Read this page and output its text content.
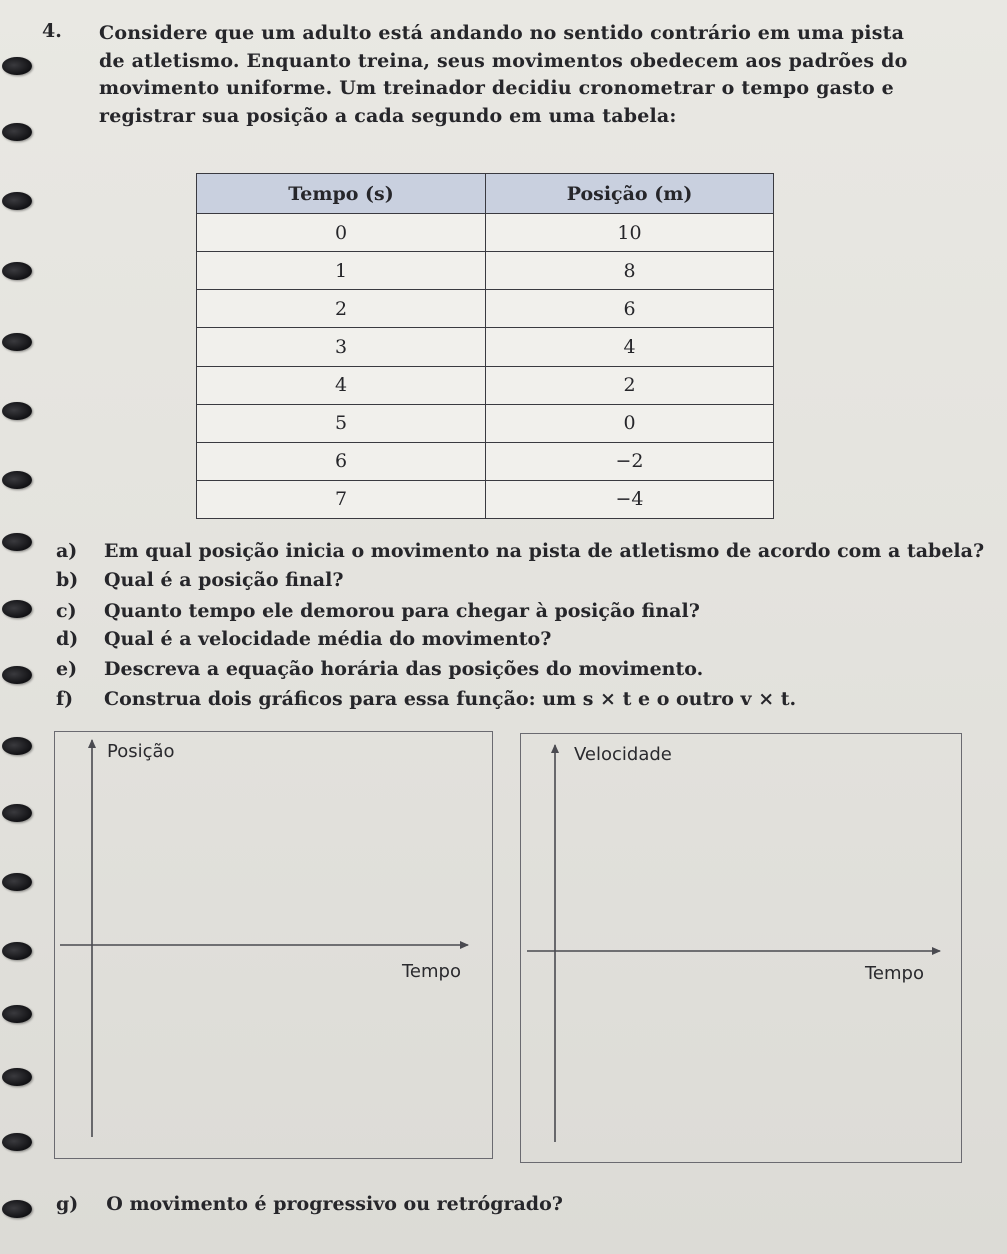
4. Considere que um adulto está andando no sentido contrário em uma pista de atletismo. Enquanto treina, seus movimentos obedecem aos padrões do movimento uniforme. Um treinador decidiu cronometrar o tempo gasto e registrar sua posição a cada segundo em uma tabela:
Tempo (s)	Posição (m)
0	10
1	8
2	6
3	4
4	2
5	0
6	−2
7	−4
a) Em qual posição inicia o movimento na pista de atletismo de acordo com a tabela?
b) Qual é a posição final?
c) Quanto tempo ele demorou para chegar à posição final?
d) Qual é a velocidade média do movimento?
e) Descreva a equação horária das posições do movimento.
f) Construa dois gráficos para essa função: um s × t e o outro v × t.
Posição
Tempo
Velocidade
Tempo
g) O movimento é progressivo ou retrógrado?
